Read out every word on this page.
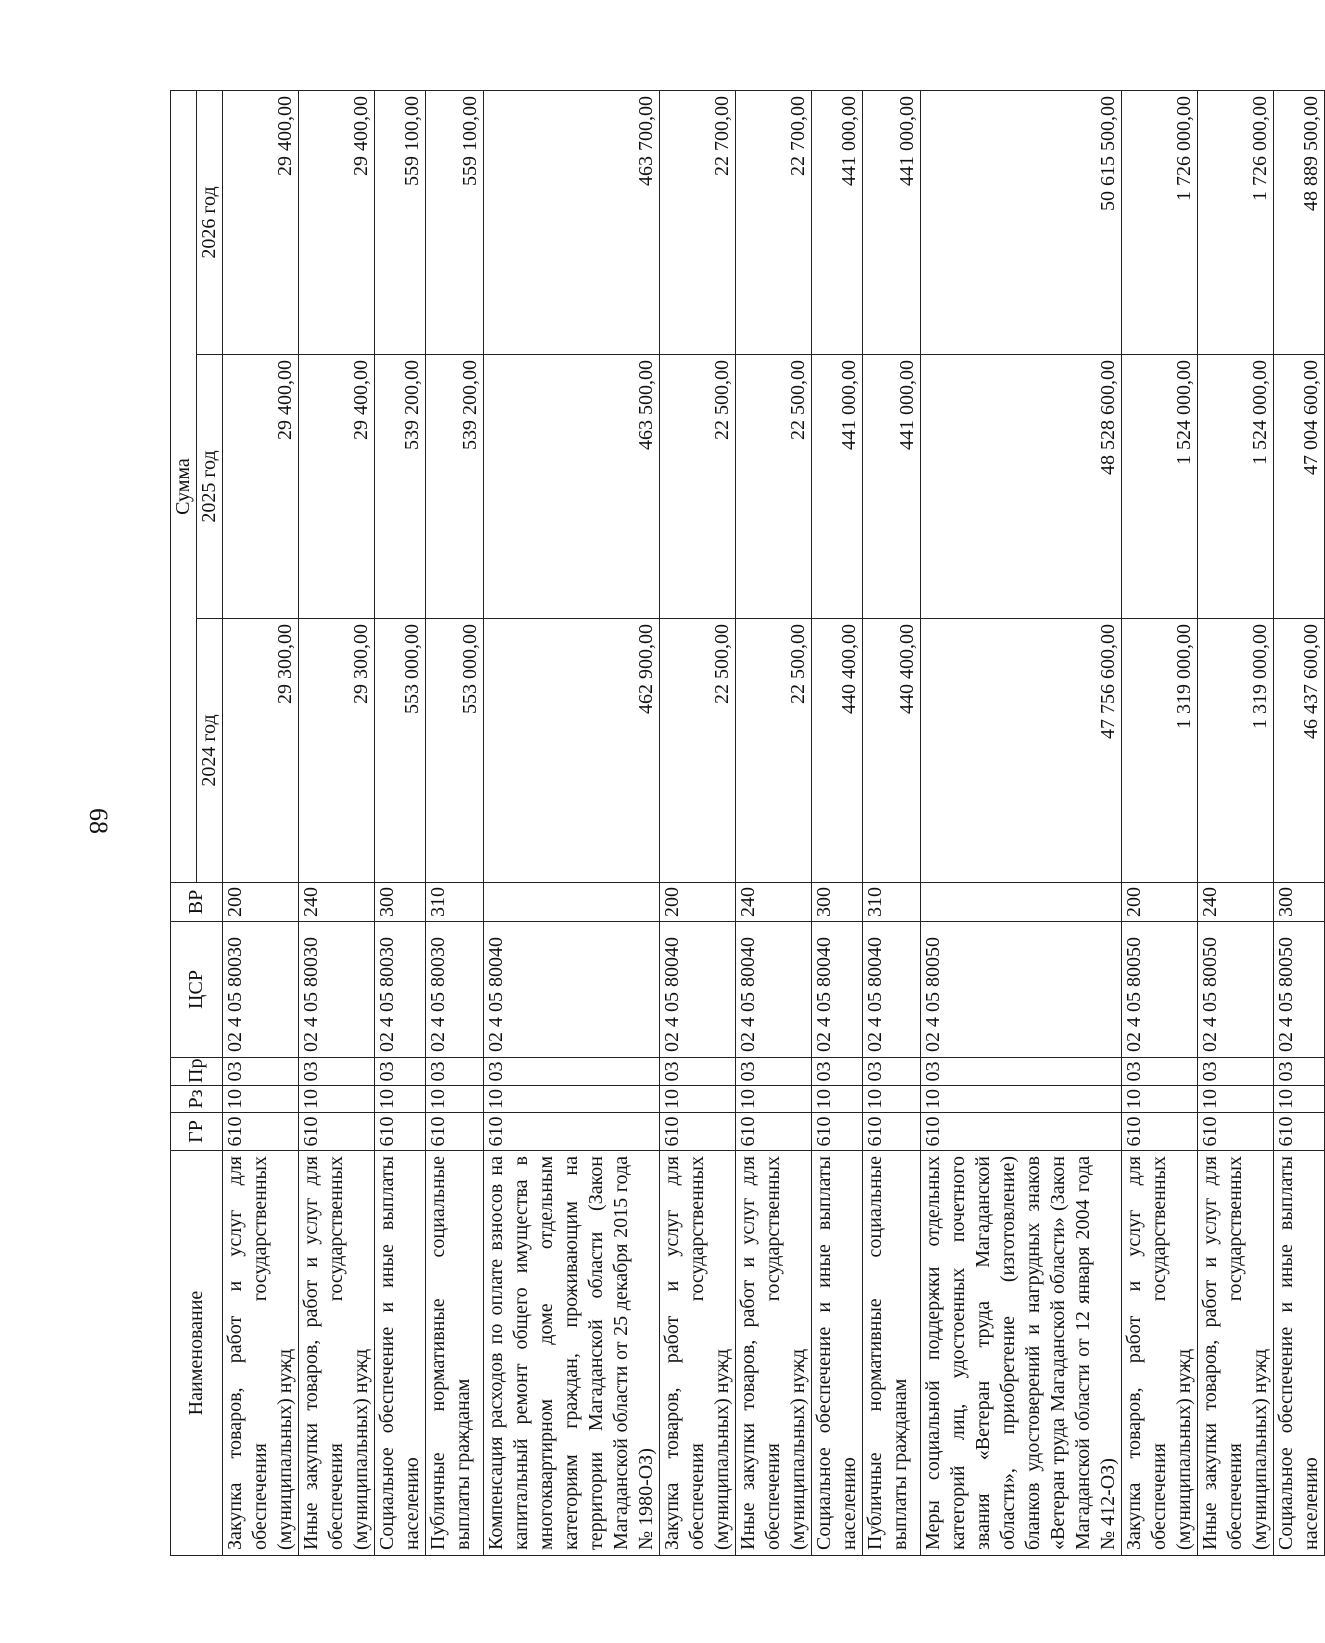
68
Наименование	ГР	Рз	Пр	ЦСР	ВР	Сумма		
						2024 год	2025 год	2026 год
Закупка товаров, работ и услуг для обеспечения государственных (муниципальных) нужд	610	10	03	02 4 05 80030	200	29 300,00	29 400,00	29 400,00
Иные закупки товаров, работ и услуг для обеспечения государственных (муниципальных) нужд	610	10	03	02 4 05 80030	240	29 300,00	29 400,00	29 400,00
Социальное обеспечение и иные выплаты населению	610	10	03	02 4 05 80030	300	553 000,00	539 200,00	559 100,00
Публичные нормативные социальные выплаты гражданам	610	10	03	02 4 05 80030	310	553 000,00	539 200,00	559 100,00
Компенсация расходов по оплате взносов на капитальный ремонт общего имущества в многоквартирном доме отдельным категориям граждан, проживающим на территории Магаданской области (Закон Магаданской области от 25 декабря 2015 года № 1980-ОЗ)	610	10	03	02 4 05 80040		462 900,00	463 500,00	463 700,00
Закупка товаров, работ и услуг для обеспечения государственных (муниципальных) нужд	610	10	03	02 4 05 80040	200	22 500,00	22 500,00	22 700,00
Иные закупки товаров, работ и услуг для обеспечения государственных (муниципальных) нужд	610	10	03	02 4 05 80040	240	22 500,00	22 500,00	22 700,00
Социальное обеспечение и иные выплаты населению	610	10	03	02 4 05 80040	300	440 400,00	441 000,00	441 000,00
Публичные нормативные социальные выплаты гражданам	610	10	03	02 4 05 80040	310	440 400,00	441 000,00	441 000,00
Меры социальной поддержки отдельных категорий лиц, удостоенных почетного звания «Ветеран труда Магаданской области», приобретение (изготовление) бланков удостоверений и нагрудных знаков «Ветеран труда Магаданской области» (Закон Магаданской области от 12 января 2004 года № 412-ОЗ)	610	10	03	02 4 05 80050		47 756 600,00	48 528 600,00	50 615 500,00
Закупка товаров, работ и услуг для обеспечения государственных (муниципальных) нужд	610	10	03	02 4 05 80050	200	1 319 000,00	1 524 000,00	1 726 000,00
Иные закупки товаров, работ и услуг для обеспечения государственных (муниципальных) нужд	610	10	03	02 4 05 80050	240	1 319 000,00	1 524 000,00	1 726 000,00
Социальное обеспечение и иные выплаты населению	610	10	03	02 4 05 80050	300	46 437 600,00	47 004 600,00	48 889 500,00
